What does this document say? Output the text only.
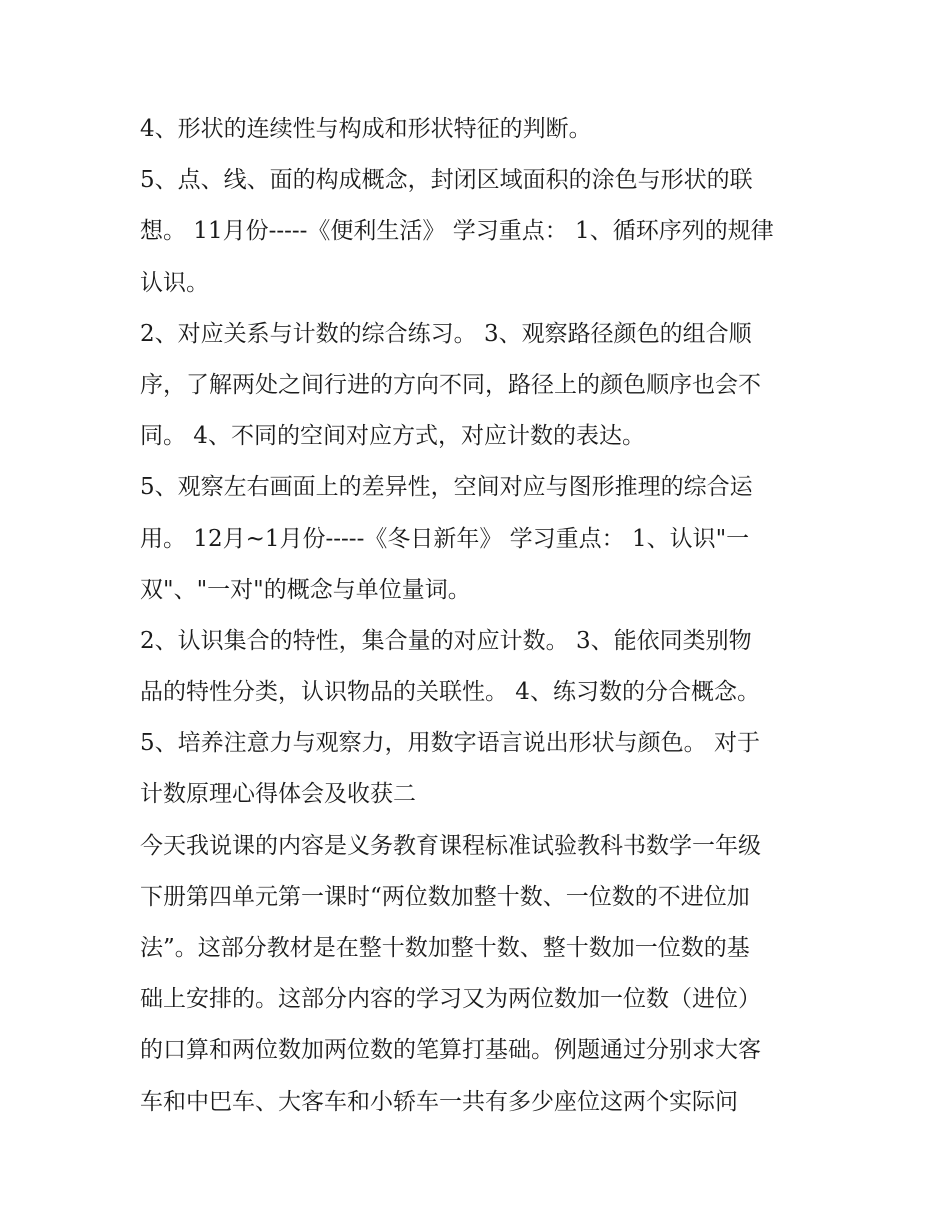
4、形状的连续性与构成和形状特征的判断。
5、点、线、面的构成概念，封闭区域面积的涂色与形状的联
想。 11月份-----《便利生活》 学习重点： 1、循环序列的规律
认识。
2、对应关系与计数的综合练习。 3、观察路径颜色的组合顺
序，了解两处之间行进的方向不同，路径上的颜色顺序也会不
同。 4、不同的空间对应方式，对应计数的表达。
5、观察左右画面上的差异性，空间对应与图形推理的综合运
用。 12月~1月份-----《冬日新年》 学习重点： 1、认识"一
双"、"一对"的概念与单位量词。
2、认识集合的特性，集合量的对应计数。 3、能依同类别物
品的特性分类，认识物品的关联性。 4、练习数的分合概念。
5、培养注意力与观察力，用数字语言说出形状与颜色。 对于
计数原理心得体会及收获二
今天我说课的内容是义务教育课程标准试验教科书数学一年级
下册第四单元第一课时“两位数加整十数、一位数的不进位加
法”。这部分教材是在整十数加整十数、整十数加一位数的基
础上安排的。这部分内容的学习又为两位数加一位数（进位）
的口算和两位数加两位数的笔算打基础。例题通过分别求大客
车和中巴车、大客车和小轿车一共有多少座位这两个实际问
